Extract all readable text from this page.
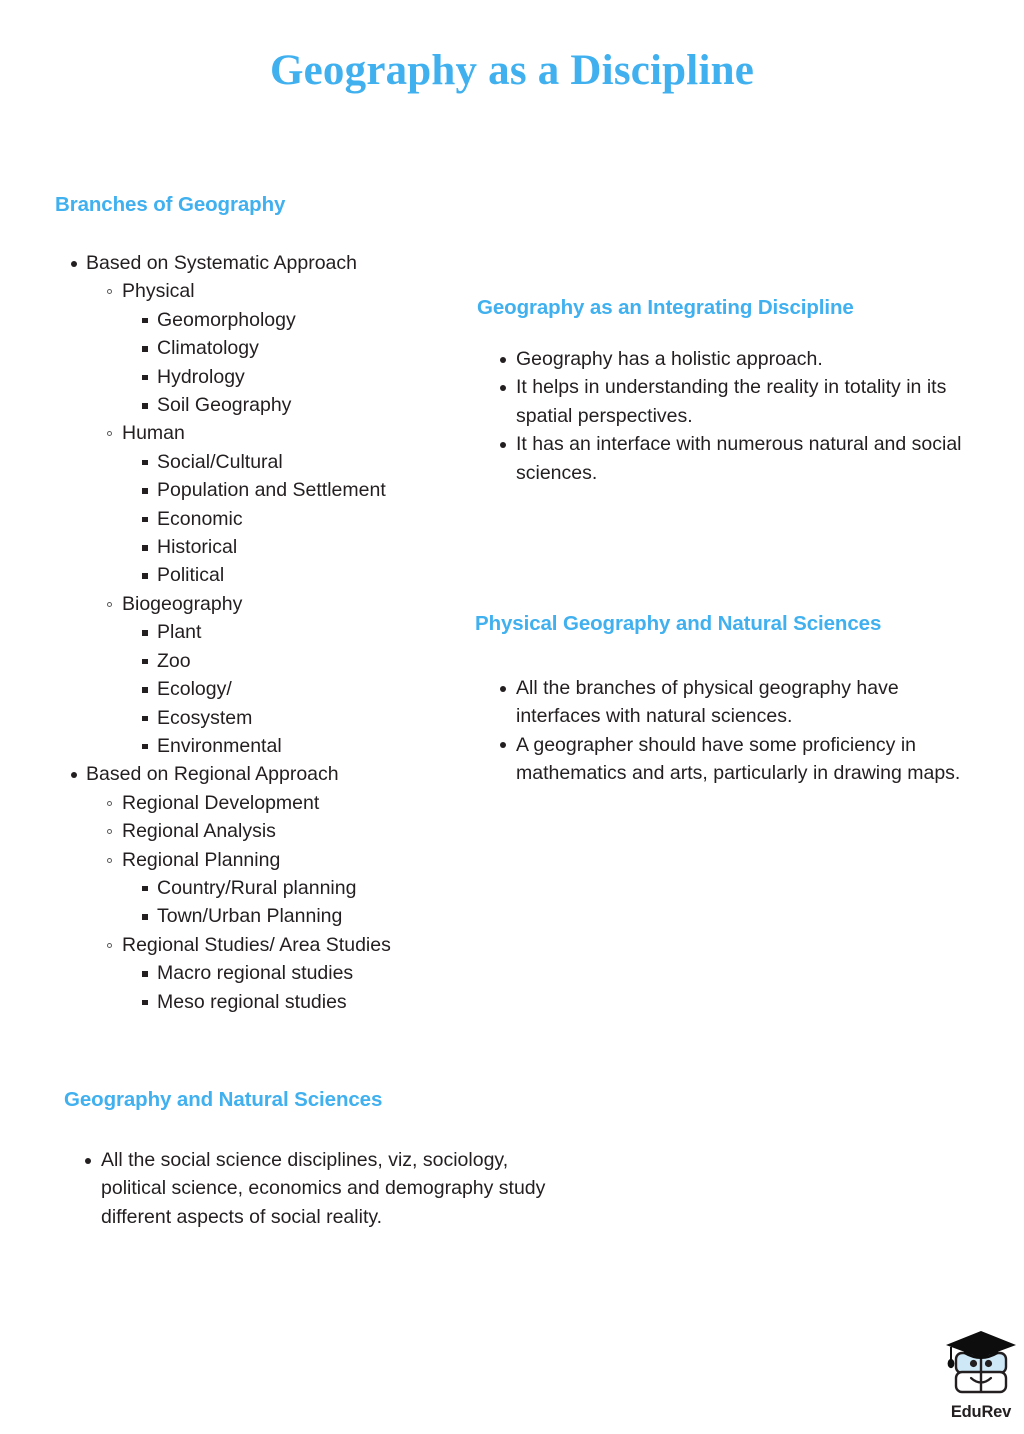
Geography as a Discipline
Branches of Geography
Based on Systematic Approach
Physical
Geomorphology
Climatology
Hydrology
Soil Geography
Human
Social/Cultural
Population and Settlement
Economic
Historical
Political
Biogeography
Plant
Zoo
Ecology/
Ecosystem
Environmental
Based on Regional Approach
Regional Development
Regional Analysis
Regional Planning
Country/Rural planning
Town/Urban Planning
Regional Studies/ Area Studies
Macro regional studies
Meso regional studies
Geography as an Integrating Discipline
Geography has a holistic approach.
It helps in understanding the reality in totality in its spatial perspectives.
It has an interface with numerous natural and social sciences.
Physical Geography and Natural Sciences
All the branches of physical geography have interfaces with natural sciences.
A geographer should have some proficiency in mathematics and arts, particularly in drawing maps.
Geography and Natural Sciences
All the social science disciplines, viz, sociology, political science, economics and demography study different aspects of social reality.
EduRev
